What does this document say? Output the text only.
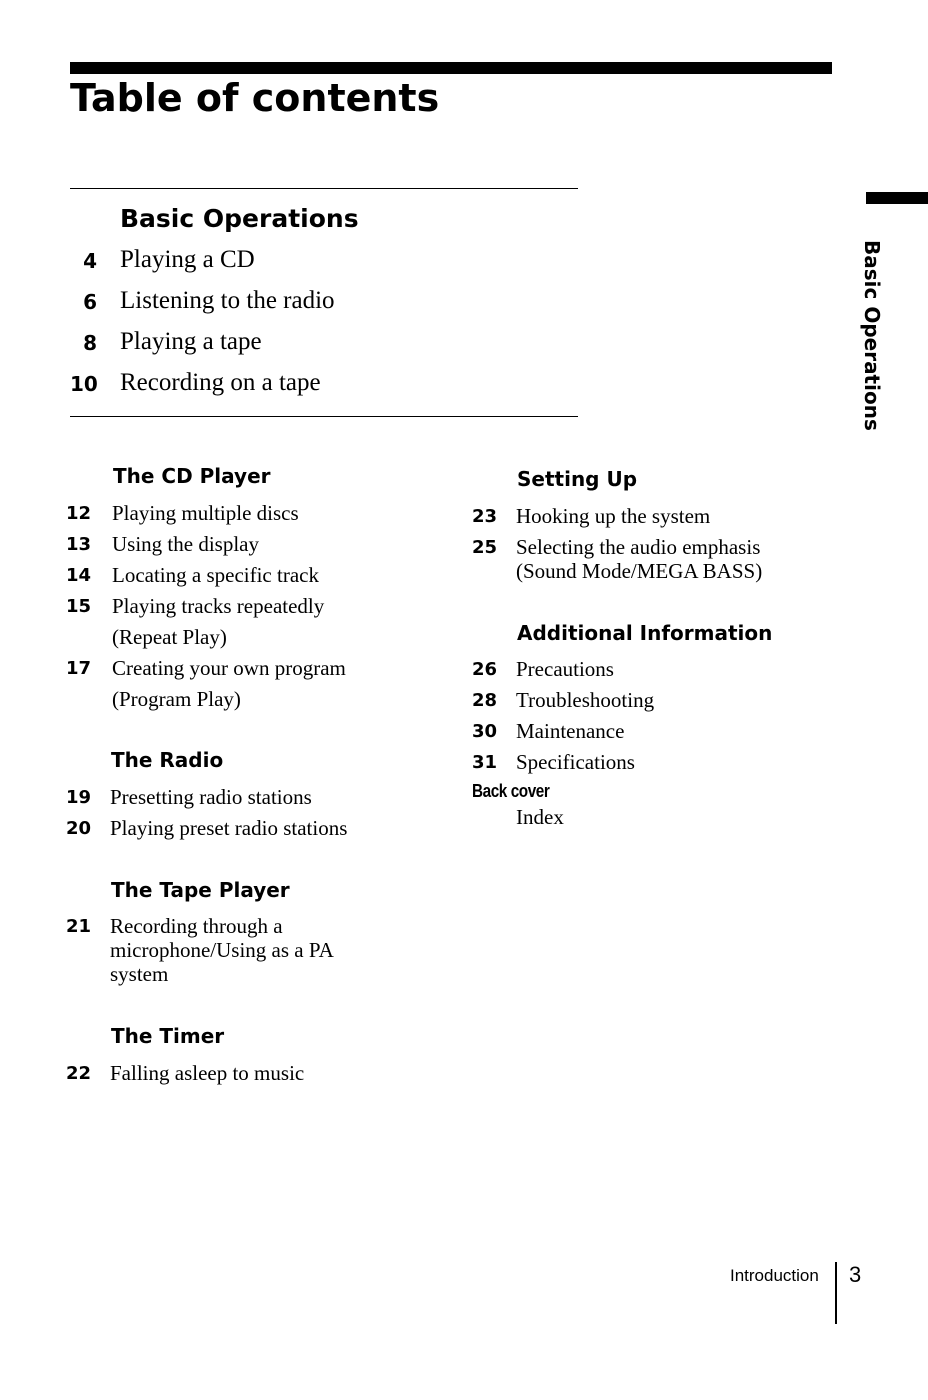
Table of contents
Basic Operations
Basic Operations
4 Playing a CD
6 Listening to the radio
8 Playing a tape
10 Recording on a tape
The CD Player
12 Playing multiple discs
13 Using the display
14 Locating a specific track
15 Playing tracks repeatedly
(Repeat Play)
17 Creating your own program
(Program Play)
The Radio
19 Presetting radio stations
20 Playing preset radio stations
The Tape Player
21 Recording through a
microphone/Using as a PA
system
The Timer
22 Falling asleep to music
Setting Up
23 Hooking up the system
25 Selecting the audio emphasis
(Sound Mode/MEGA BASS)
Additional Information
26 Precautions
28 Troubleshooting
30 Maintenance
31 Specifications
Back cover
Index
Introduction 3
